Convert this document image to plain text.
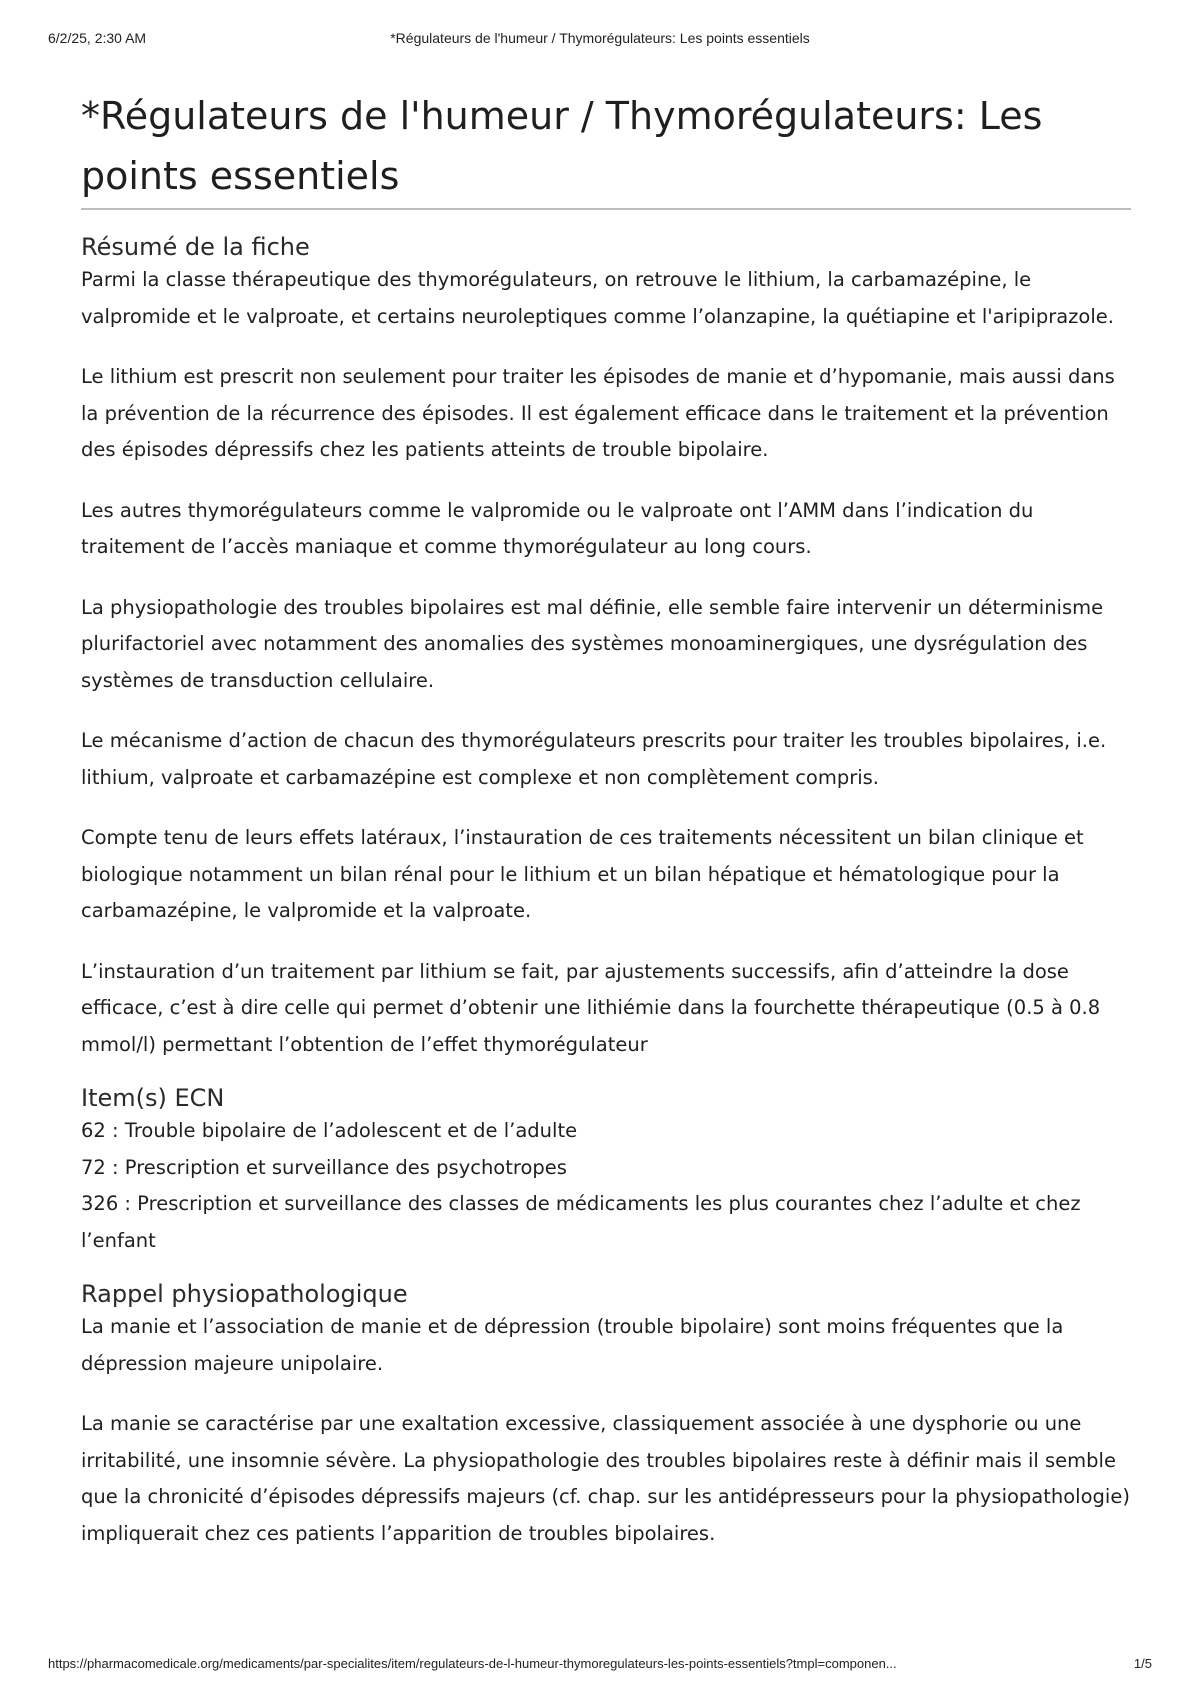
6/2/25, 2:30 AM	*Régulateurs de l'humeur / Thymorégulateurs: Les points essentiels
*Régulateurs de l'humeur / Thymorégulateurs: Les points essentiels
Résumé de la fiche

Parmi la classe thérapeutique des thymorégulateurs, on retrouve le lithium, la carbamazépine, le valpromide et le valproate, et certains neuroleptiques comme l’olanzapine, la quétiapine et l'aripiprazole.

Le lithium est prescrit non seulement pour traiter les épisodes de manie et d’hypomanie, mais aussi dans la prévention de la récurrence des épisodes. Il est également efficace dans le traitement et la prévention des épisodes dépressifs chez les patients atteints de trouble bipolaire.

Les autres thymorégulateurs comme le valpromide ou le valproate ont l’AMM dans l’indication du traitement de l’accès maniaque et comme thymorégulateur au long cours.

La physiopathologie des troubles bipolaires est mal définie, elle semble faire intervenir un déterminisme plurifactoriel avec notamment des anomalies des systèmes monoaminergiques, une dysrégulation des systèmes de transduction cellulaire.

Le mécanisme d’action de chacun des thymorégulateurs prescrits pour traiter les troubles bipolaires, i.e. lithium, valproate et carbamazépine est complexe et non complètement compris.

Compte tenu de leurs effets latéraux, l’instauration de ces traitements nécessitent un bilan clinique et biologique notamment un bilan rénal pour le lithium et un bilan hépatique et hématologique pour la carbamazépine, le valpromide et la valproate.

L’instauration d’un traitement par lithium se fait, par ajustements successifs, afin d’atteindre la dose efficace, c’est à dire celle qui permet d’obtenir une lithiémie dans la fourchette thérapeutique (0.5 à 0.8 mmol/l) permettant l’obtention de l’effet thymorégulateur

Item(s) ECN

62 : Trouble bipolaire de l’adolescent et de l’adulte

72 : Prescription et surveillance des psychotropes

326 : Prescription et surveillance des classes de médicaments les plus courantes chez l’adulte et chez l’enfant

Rappel physiopathologique

La manie et l’association de manie et de dépression (trouble bipolaire) sont moins fréquentes que la dépression majeure unipolaire.

La manie se caractérise par une exaltation excessive, classiquement associée à une dysphorie ou une irritabilité, une insomnie sévère. La physiopathologie des troubles bipolaires reste à définir mais il semble que la chronicité d’épisodes dépressifs majeurs (cf. chap. sur les antidépresseurs pour la physiopathologie) impliquerait chez ces patients l’apparition de troubles bipolaires.

https://pharmacomedicale.org/medicaments/par-specialites/item/regulateurs-de-l-humeur-thymoregulateurs-les-points-essentiels?tmpl=componen...	1/5
